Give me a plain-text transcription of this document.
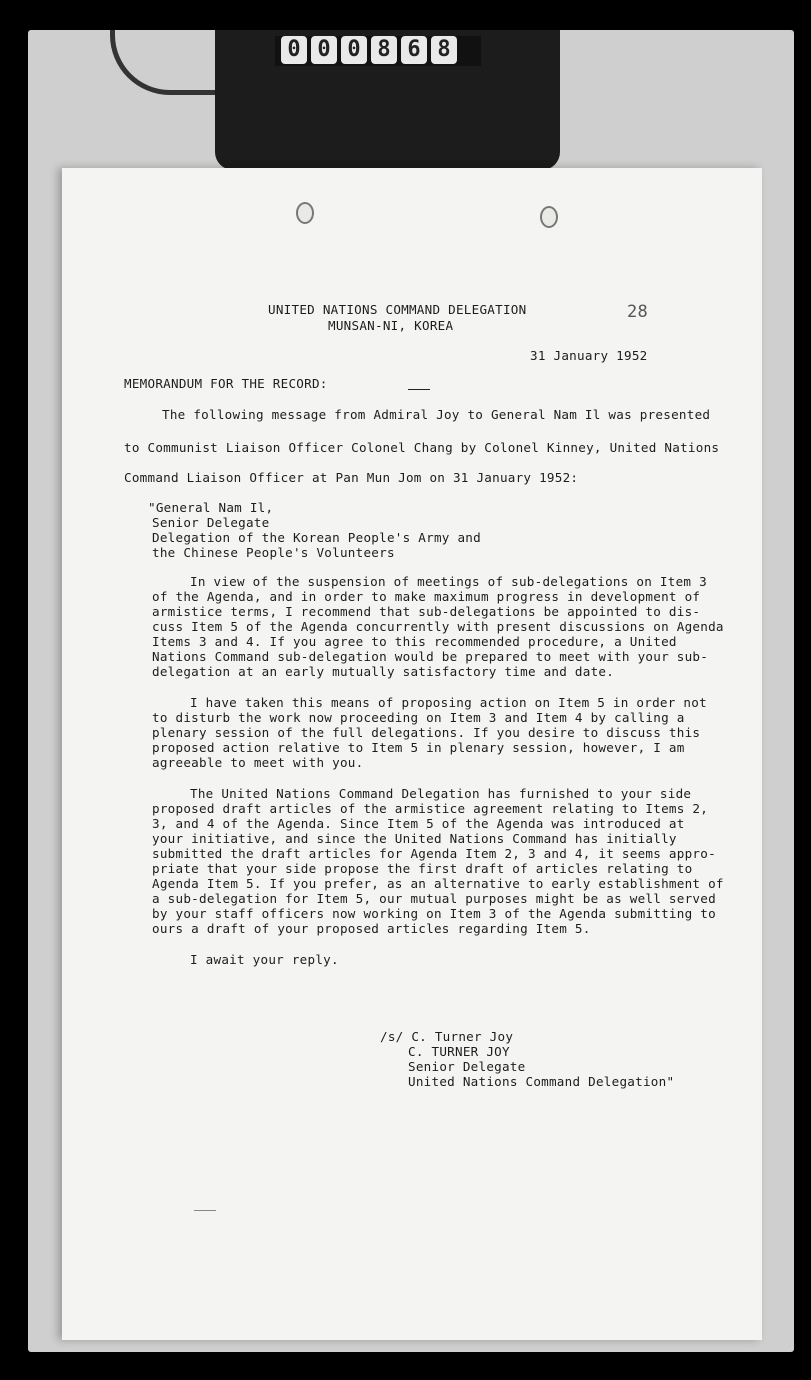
0 0 0 8 6 8
UNITED NATIONS COMMAND DELEGATION
MUNSAN-NI, KOREA
28
31 January 1952
MEMORANDUM FOR THE RECORD:
The following message from Admiral Joy to General Nam Il was presented
to Communist Liaison Officer Colonel Chang by Colonel Kinney, United Nations
Command Liaison Officer at Pan Mun Jom on 31 January 1952:
"General Nam Il,
Senior Delegate
Delegation of the Korean People's Army and
the Chinese People's Volunteers
In view of the suspension of meetings of sub-delegations on Item 3
of the Agenda, and in order to make maximum progress in development of
armistice terms, I recommend that sub-delegations be appointed to dis-
cuss Item 5 of the Agenda concurrently with present discussions on Agenda
Items 3 and 4. If you agree to this recommended procedure, a United
Nations Command sub-delegation would be prepared to meet with your sub-
delegation at an early mutually satisfactory time and date.
I have taken this means of proposing action on Item 5 in order not
to disturb the work now proceeding on Item 3 and Item 4 by calling a
plenary session of the full delegations. If you desire to discuss this
proposed action relative to Item 5 in plenary session, however, I am
agreeable to meet with you.
The United Nations Command Delegation has furnished to your side
proposed draft articles of the armistice agreement relating to Items 2,
3, and 4 of the Agenda. Since Item 5 of the Agenda was introduced at
your initiative, and since the United Nations Command has initially
submitted the draft articles for Agenda Item 2, 3 and 4, it seems appro-
priate that your side propose the first draft of articles relating to
Agenda Item 5. If you prefer, as an alternative to early establishment of
a sub-delegation for Item 5, our mutual purposes might be as well served
by your staff officers now working on Item 3 of the Agenda submitting to
ours a draft of your proposed articles regarding Item 5.
I await your reply.
/s/ C. Turner Joy
C. TURNER JOY
Senior Delegate
United Nations Command Delegation"
